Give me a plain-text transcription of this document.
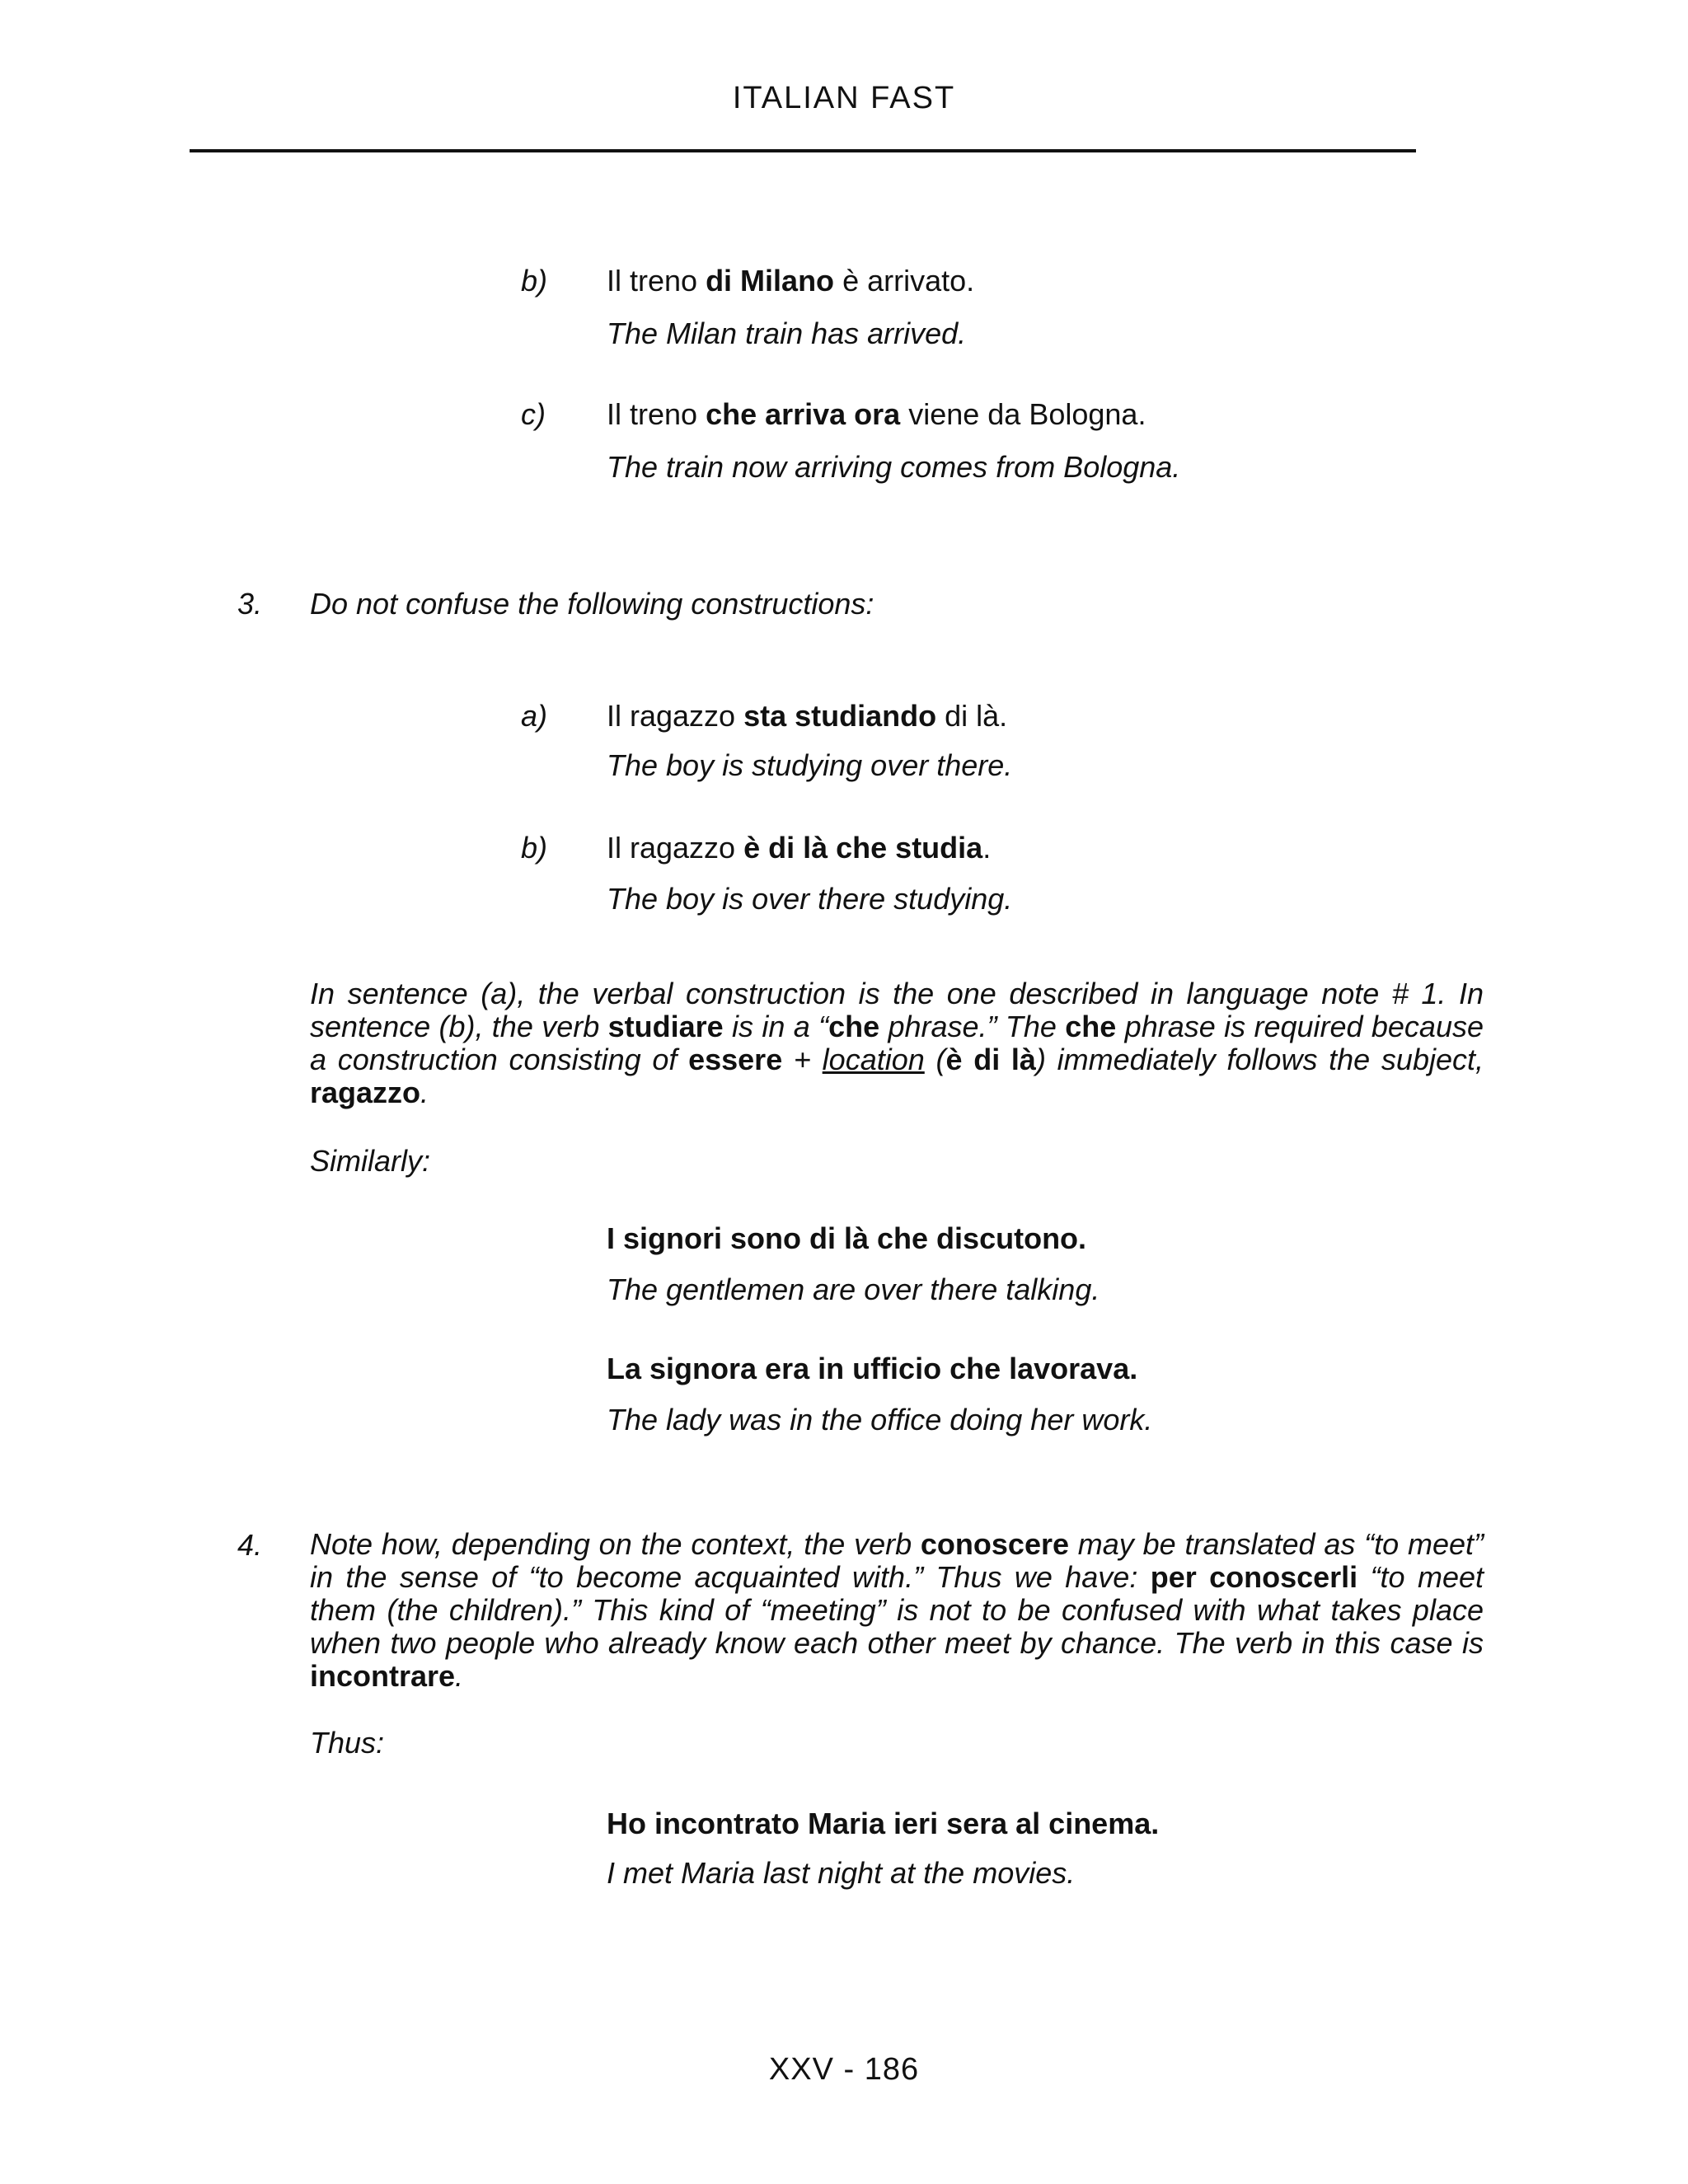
ITALIAN FAST
b) Il treno di Milano è arrivato.
The Milan train has arrived.
c) Il treno che arriva ora viene da Bologna.
The train now arriving comes from Bologna.
3. Do not confuse the following constructions:
a) Il ragazzo sta studiando di là.
The boy is studying over there.
b) Il ragazzo è di là che studia.
The boy is over there studying.
In sentence (a), the verbal construction is the one described in language note # 1. In sentence (b), the verb studiare is in a “che phrase.” The che phrase is required because a construction consisting of essere + location (è di là) immediately follows the subject, ragazzo.
Similarly:
I signori sono di là che discutono.
The gentlemen are over there talking.
La signora era in ufficio che lavorava.
The lady was in the office doing her work.
4. Note how, depending on the context, the verb conoscere may be translated as “to meet” in the sense of “to become acquainted with.” Thus we have: per conoscerli “to meet them (the children).” This kind of “meeting” is not to be confused with what takes place when two people who already know each other meet by chance. The verb in this case is incontrare.
Thus:
Ho incontrato Maria ieri sera al cinema.
I met Maria last night at the movies.
XXV - 186
